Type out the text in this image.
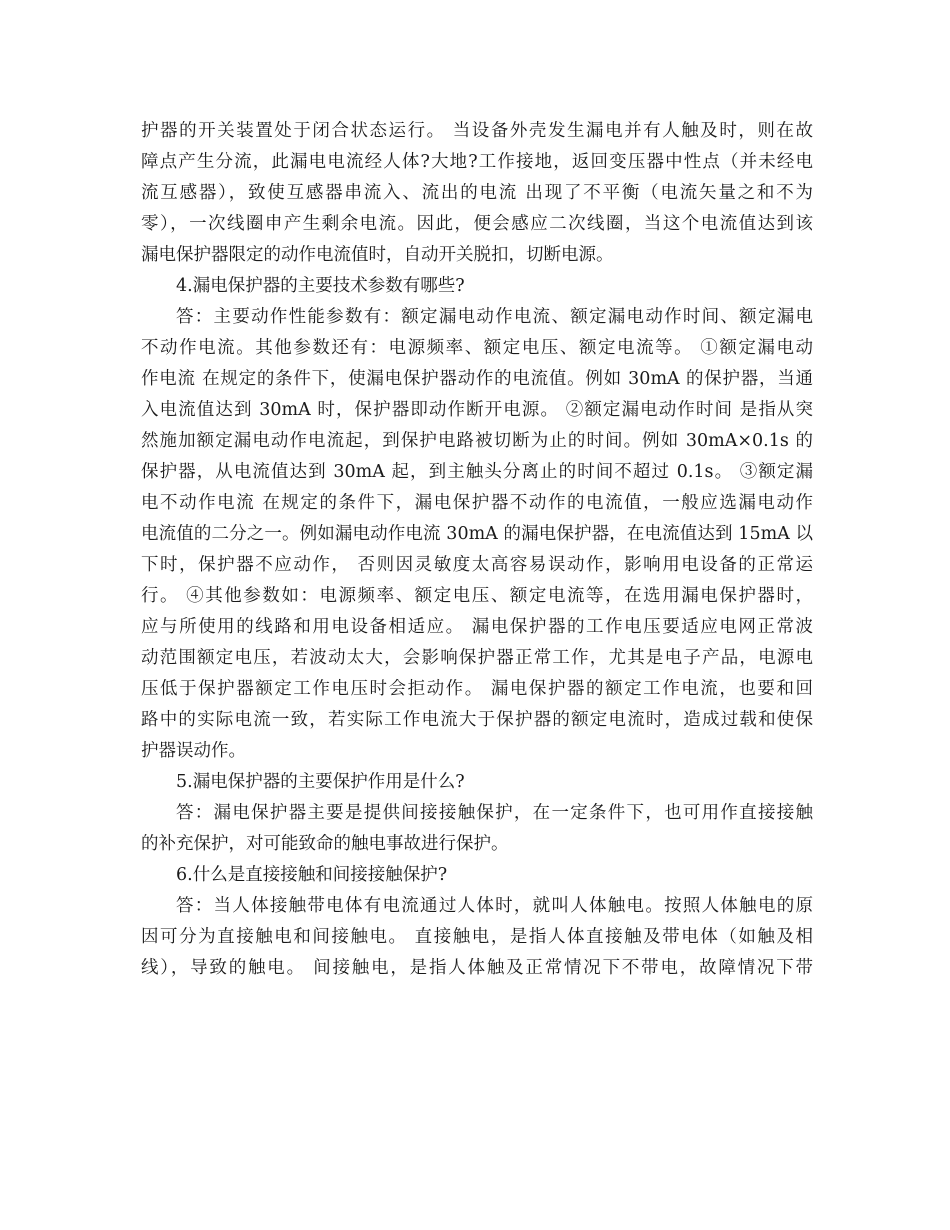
护器的开关装置处于闭合状态运行。 当设备外壳发生漏电并有人触及时，则在故
障点产生分流，此漏电电流经人体?大地?工作接地，返回变压器中性点（并未经电
流互感器），致使互感器串流入、流出的电流 出现了不平衡（电流矢量之和不为
零），一次线圈申产生剩余电流。因此，便会感应二次线圈，当这个电流值达到该
漏电保护器限定的动作电流值时，自动开关脱扣，切断电源。
4.漏电保护器的主要技术参数有哪些?
答：主要动作性能参数有：额定漏电动作电流、额定漏电动作时间、额定漏电
不动作电流。其他参数还有：电源频率、额定电压、额定电流等。 ①额定漏电动
作电流 在规定的条件下，使漏电保护器动作的电流值。例如 30mA 的保护器，当通
入电流值达到 30mA 时，保护器即动作断开电源。 ②额定漏电动作时间 是指从突
然施加额定漏电动作电流起，到保护电路被切断为止的时间。例如 30mA×0.1s 的
保护器，从电流值达到 30mA 起，到主触头分离止的时间不超过 0.1s。 ③额定漏
电不动作电流 在规定的条件下，漏电保护器不动作的电流值，一般应选漏电动作
电流值的二分之一。例如漏电动作电流 30mA 的漏电保护器，在电流值达到 15mA 以
下时，保护器不应动作， 否则因灵敏度太高容易误动作，影响用电设备的正常运
行。 ④其他参数如：电源频率、额定电压、额定电流等，在选用漏电保护器时，
应与所使用的线路和用电设备相适应。 漏电保护器的工作电压要适应电网正常波
动范围额定电压，若波动太大，会影响保护器正常工作，尤其是电子产品，电源电
压低于保护器额定工作电压时会拒动作。 漏电保护器的额定工作电流，也要和回
路中的实际电流一致，若实际工作电流大于保护器的额定电流时，造成过载和使保
护器误动作。
5.漏电保护器的主要保护作用是什么?
答：漏电保护器主要是提供间接接触保护，在一定条件下，也可用作直接接触
的补充保护，对可能致命的触电事故进行保护。
6.什么是直接接触和间接接触保护?
答：当人体接触带电体有电流通过人体时，就叫人体触电。按照人体触电的原
因可分为直接触电和间接触电。 直接触电，是指人体直接触及带电体（如触及相
线），导致的触电。 间接触电，是指人体触及正常情况下不带电，故障情况下带
